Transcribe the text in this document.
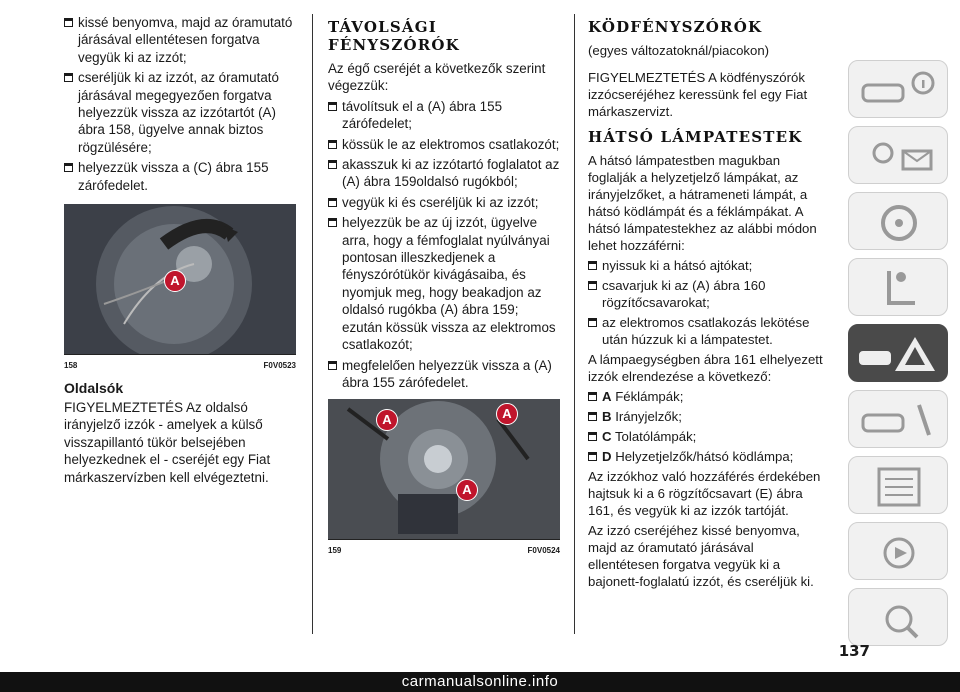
kissé benyomva, majd az óramutató járásával ellentétesen forgatva vegyük ki az izzót;

cseréljük ki az izzót, az óramutató járásával megegyezően forgatva helyezzük vissza az izzótartót (A) ábra 158, ügyelve annak biztos rögzülésére;

helyezzük vissza a (C) ábra 155 zárófedelet.

A
158	F0V0523
Oldalsók

FIGYELMEZTETÉS Az oldalsó irányjelző izzók - amelyek a külső visszapillantó tükör belsejében helyezkednek el - cseréjét egy Fiat márkaszervízben kell elvégeztetni.

TÁVOLSÁGI FÉNYSZÓRÓK

Az égő cseréjét a következők szerint végezzük:

távolítsuk el a (A) ábra 155 zárófedelet;

kössük le az elektromos csatlakozót;

akasszuk ki az izzótartó foglalatot az (A) ábra 159oldalsó rugókból;

vegyük ki és cseréljük ki az izzót;

helyezzük be az új izzót, ügyelve arra, hogy a fémfoglalat nyúlványai pontosan illeszkedjenek a fényszórótükör kivágásaiba, és nyomjuk meg, hogy beakadjon az oldalsó rugókba (A) ábra 159; ezután kössük vissza az elektromos csatlakozót;

megfelelően helyezzük vissza a (A) ábra 155 zárófedelet.

A	A
A
159	F0V0524
KÖDFÉNYSZÓRÓK

(egyes változatoknál/piacokon)

FIGYELMEZTETÉS A ködfényszórók izzócseréjéhez keressünk fel egy Fiat márkaszervizt.

HÁTSÓ LÁMPATESTEK

A hátsó lámpatestben magukban foglalják a helyzetjelző lámpákat, az irányjelzőket, a hátrameneti lámpát, a hátsó ködlámpát és a féklámpákat. A hátsó lámpatestekhez az alábbi módon lehet hozzáférni:

nyissuk ki a hátsó ajtókat;

csavarjuk ki az (A) ábra 160 rögzítőcsavarokat;

az elektromos csatlakozás lekötése után húzzuk ki a lámpatestet.

A lámpaegységben ábra 161 elhelyezett izzók elrendezése a következő:

A Féklámpák;

B Irányjelzők;

C Tolatólámpák;

D Helyzetjelzők/hátsó ködlámpa;

Az izzókhoz való hozzáférés érdekében hajtsuk ki a 6 rögzítőcsavart (E) ábra 161, és vegyük ki az izzók tartóját.

Az izzó cseréjéhez kissé benyomva, majd az óramutató járásával ellentétesen forgatva vegyük ki a bajonett-foglalatú izzót, és cseréljük ki.

137
carmanualsonline.info
